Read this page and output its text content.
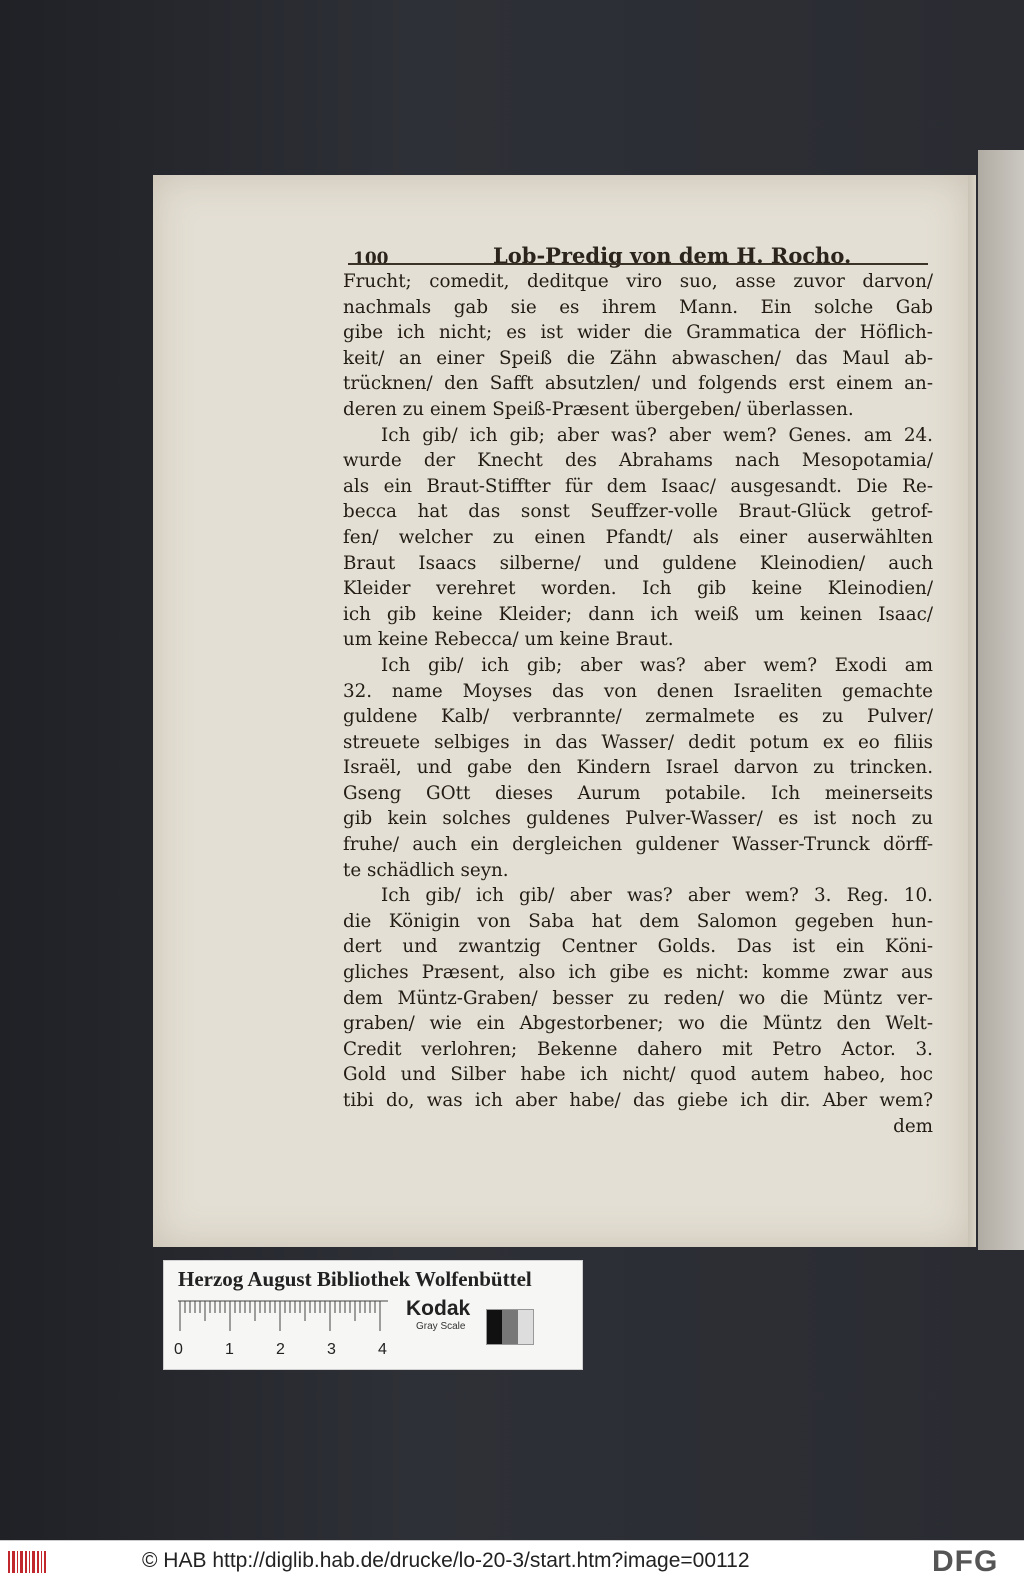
100	Lob-Predig von dem H. Rocho.
Frucht; comedit, deditque viro suo, asse zuvor darvon/
nachmals gab sie es ihrem Mann. Ein solche Gab
gibe ich nicht; es ist wider die Grammatica der Höflich-
keit/ an einer Speiß die Zähn abwaschen/ das Maul ab-
trücknen/ den Safft absutzlen/ und folgends erst einem an-
deren zu einem Speiß-Præsent übergeben/ überlassen.
Ich gib/ ich gib; aber was? aber wem? Genes. am 24.
wurde der Knecht des Abrahams nach Mesopotamia/
als ein Braut-Stiffter für dem Isaac/ ausgesandt. Die Re-
becca hat das sonst Seuffzer-volle Braut-Glück getrof-
fen/ welcher zu einen Pfandt/ als einer auserwählten
Braut Isaacs silberne/ und guldene Kleinodien/ auch
Kleider verehret worden. Ich gib keine Kleinodien/
ich gib keine Kleider; dann ich weiß um keinen Isaac/
um keine Rebecca/ um keine Braut.
Ich gib/ ich gib; aber was? aber wem? Exodi am
32. name Moyses das von denen Israeliten gemachte
guldene Kalb/ verbrannte/ zermalmete es zu Pulver/
streuete selbiges in das Wasser/ dedit potum ex eo filiis
Israël, und gabe den Kindern Israel darvon zu trincken.
Gseng GOtt dieses Aurum potabile. Ich meinerseits
gib kein solches guldenes Pulver-Wasser/ es ist noch zu
fruhe/ auch ein dergleichen guldener Wasser-Trunck dörff-
te schädlich seyn.
Ich gib/ ich gib/ aber was? aber wem? 3. Reg. 10.
die Königin von Saba hat dem Salomon gegeben hun-
dert und zwantzig Centner Golds. Das ist ein Köni-
gliches Præsent, also ich gibe es nicht: komme zwar aus
dem Müntz-Graben/ besser zu reden/ wo die Müntz ver-
graben/ wie ein Abgestorbener; wo die Müntz den Welt-
Credit verlohren; Bekenne dahero mit Petro Actor. 3.
Gold und Silber habe ich nicht/ quod autem habeo, hoc
tibi do, was ich aber habe/ das giebe ich dir. Aber wem?
dem
Herzog August Bibliothek Wolfenbüttel
0	1	2	3	4
Kodak
Gray Scale
© HAB http://diglib.hab.de/drucke/lo-20-3/start.htm?image=00112	DFG
